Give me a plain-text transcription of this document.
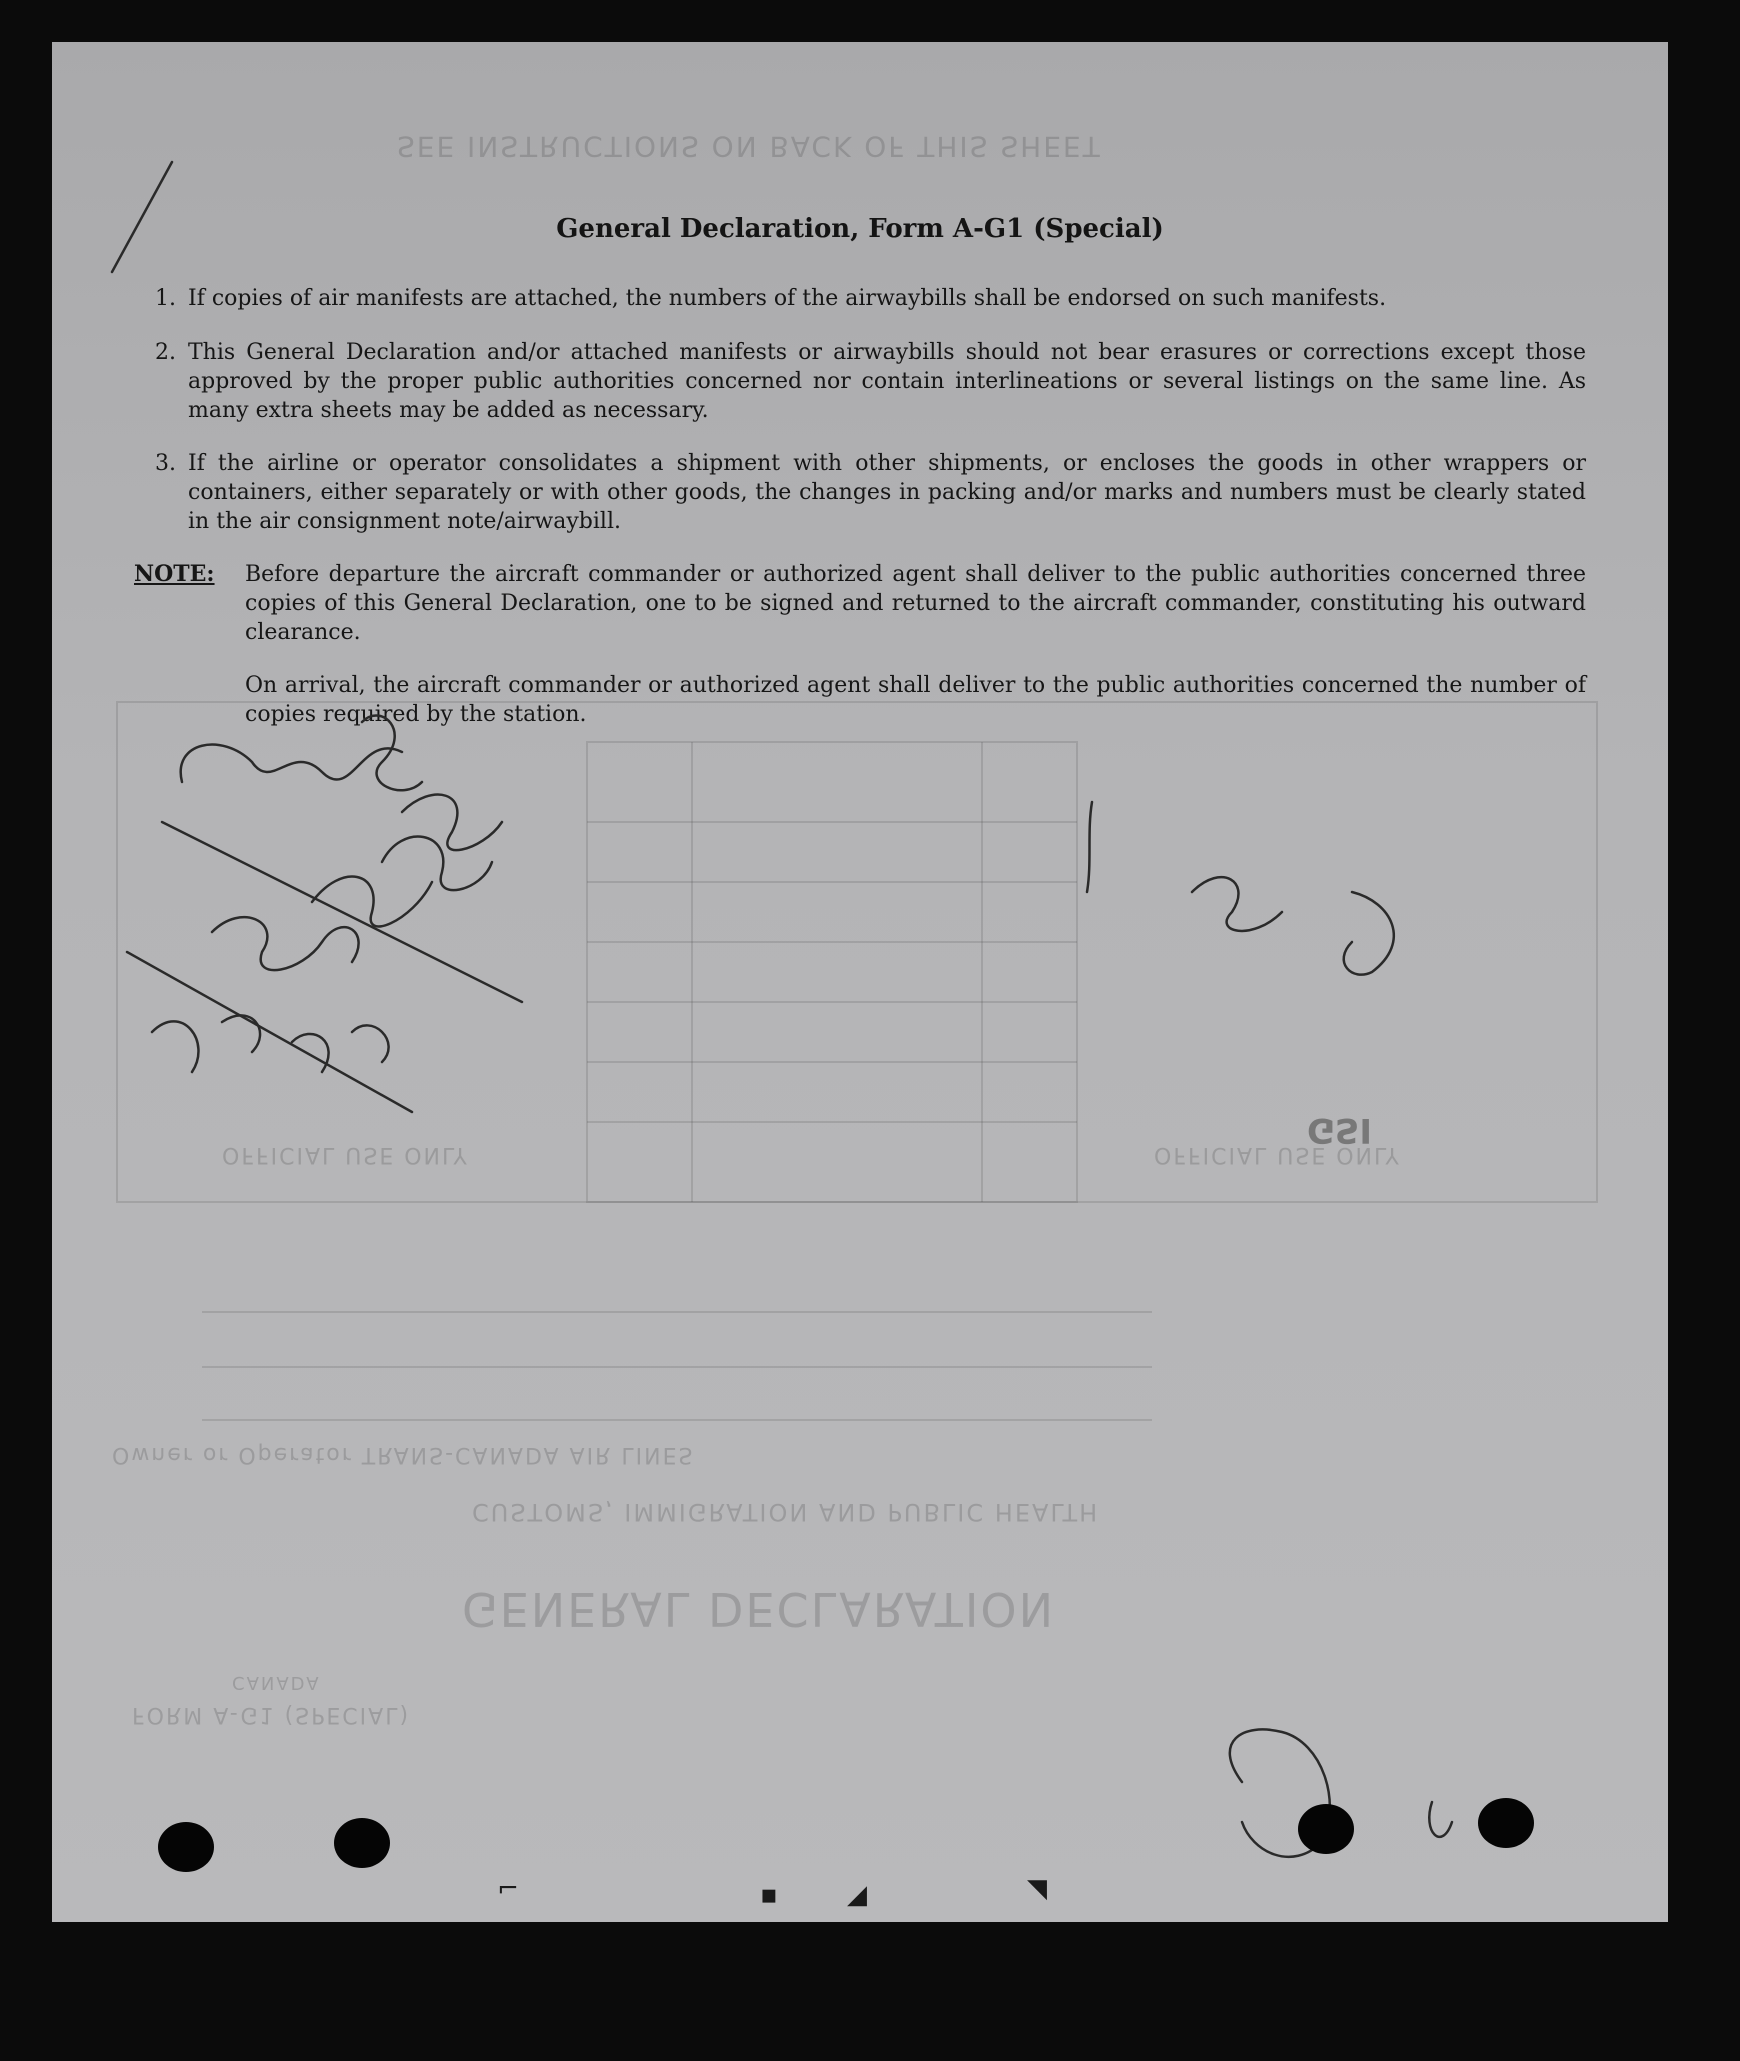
SEE INSTRUCTIONS ON BACK OF THIS SHEET
OFFICIAL USE ONLY	OFFICIAL USE ONLY
Owner or Operator TRANS-CANADA AIR LINES
CUSTOMS, IMMIGRATION AND PUBLIC HEALTH
GENERAL DECLARATION
FORM A-G1 (SPECIAL)
CANADA
General Declaration, Form A-G1 (Special)
1. If copies of air manifests are attached, the numbers of the airwaybills shall be endorsed on such manifests.
2. This General Declaration and/or attached manifests or airwaybills should not bear erasures or corrections except those approved by the proper public authorities concerned nor contain interlineations or several listings on the same line. As many extra sheets may be added as necessary.
3. If the airline or operator consolidates a shipment with other shipments, or encloses the goods in other wrappers or containers, either separately or with other goods, the changes in packing and/or marks and numbers must be clearly stated in the air consignment note/airwaybill.
NOTE: Before departure the aircraft commander or authorized agent shall deliver to the public authorities concerned three copies of this General Declaration, one to be signed and returned to the aircraft commander, constituting his outward clearance.
On arrival, the aircraft commander or authorized agent shall deliver to the public authorities concerned the number of copies required by the station.
GSI
⌐	▪	◢	◥
